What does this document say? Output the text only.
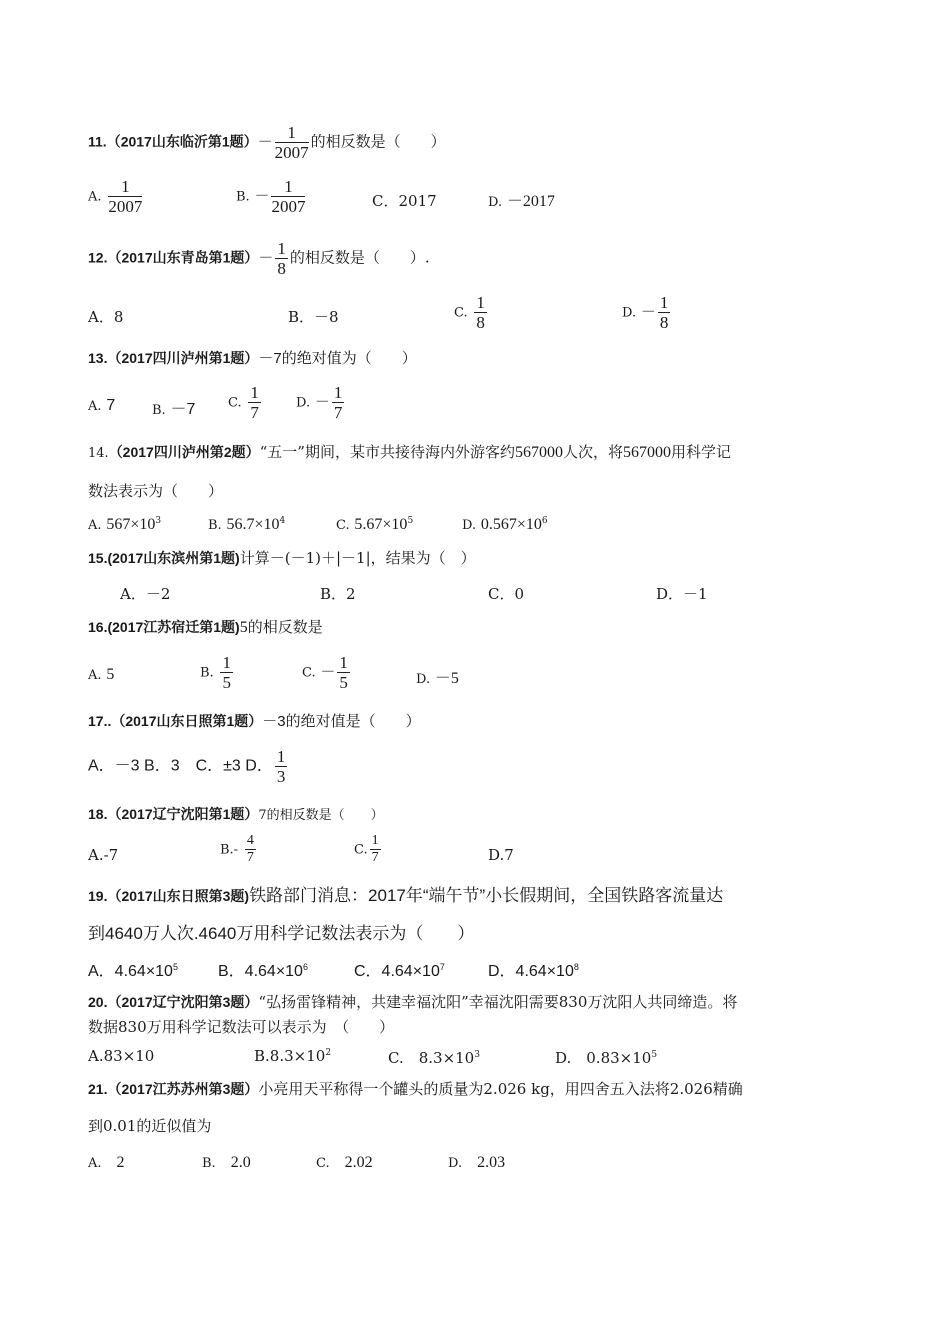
11.（2017山东临沂第1题）－ $\frac{1}{2007}$ 的相反数是（　　）
A. $\frac{1}{2007}$	B. － $\frac{1}{2007}$	C．2017	D. －2017
12.（2017山东青岛第1题）－ $\frac{1}{8}$ 的相反数是（　　）.
A．8	B．－8	C. $\frac{1}{8}$	D. － $\frac{1}{8}$
13.（2017四川泸州第1题）－7的绝对值为（　　）
A. 7	B. －7	C. $\frac{1}{7}$	D. － $\frac{1}{7}$
14.（2017四川泸州第2题）“五一”期间，某市共接待海内外游客约567000人次，将567000用科学记
数法表示为（　　）
A. $567\times 10^3$	B. $56.7\times 10^4$	C. $5.67\times 10^5$	D. $0.567\times 10^6$
15.(2017山东滨州第1题)计算－(－1)＋|－1|，结果为（　）
A．－2	B．2	C．0	D．－1
16.(2017江苏宿迁第1题)5的相反数是
A. 5	B. $\frac{1}{5}$	C. － $\frac{1}{5}$	D. －5
17..（2017山东日照第1题）－3的绝对值是（　　）
A．－3 B．3　C．±3 D． $\frac{1}{3}$
18.（2017辽宁沈阳第1题）7的相反数是（　　）
A.-7	$B.- \frac{4}{7}$	C. $\frac{1}{7}$	D.7
19.（2017山东日照第3题)铁路部门消息：2017年“端午节”小长假期间，全国铁路客流量达
到4640万人次.4640万用科学记数法表示为（　　）
A．$4.64\times 10^5$	B．$4.64\times 10^6$	C．$4.64\times 10^7$	D．$4.64\times 10^8$
20.（2017辽宁沈阳第3题）“弘扬雷锋精神，共建幸福沈阳”幸福沈阳需要830万沈阳人共同缔造。将
数据830万用科学记数法可以表示为　（　　）
A.83×10	$B.8.3\times 10^2$	C.　$8.3\times 10^3$	D.　$0.83\times 10^5$
21.（2017江苏苏州第3题）小亮用天平称得一个罐头的质量为2.026 kg，用四舍五入法将2.026精确
到0.01的近似值为
A.　 2	B.　 2.0	C.　 2.02	D.　 2.03
